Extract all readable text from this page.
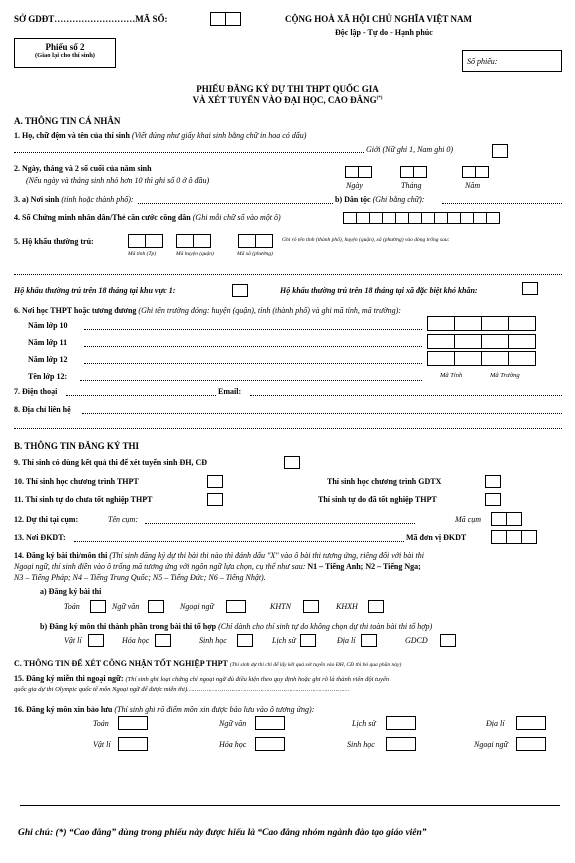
SỞ GDĐT………………………MÃ SỐ:	CỘNG HOÀ XÃ HỘI CHỦ NGHĨA VIỆT NAM
Độc lập - Tự do - Hạnh phúc
Phiếu số 2
(Giao lại cho thí sinh)
Số phiếu:
PHIẾU ĐĂNG KÝ DỰ THI THPT QUỐC GIA
VÀ XÉT TUYỂN VÀO ĐẠI HỌC, CAO ĐẲNG(*)
A. THÔNG TIN CÁ NHÂN
1. Họ, chữ đệm và tên của thí sinh (Viết đúng như giấy khai sinh bằng chữ in hoa có dấu)
Giới (Nữ ghi 1, Nam ghi 0)
2. Ngày, tháng và 2 số cuối của năm sinh
(Nếu ngày và tháng sinh nhỏ hơn 10 thì ghi số 0 ở ô đầu)
Ngày	Tháng	Năm
3. a) Nơi sinh (tỉnh hoặc thành phố):	b) Dân tộc (Ghi bằng chữ):
4. Số Chứng minh nhân dân/Thẻ căn cước công dân (Ghi mỗi chữ số vào một ô)
5. Hộ khẩu thường trú:	Ghi rõ tên tỉnh (thành phố), huyện (quận), xã (phường) vào dòng trống sau:
Mã tỉnh (Tp)	Mã huyện (quận)	Mã xã (phường)
Hộ khẩu thường trú trên 18 tháng tại khu vực 1:	Hộ khẩu thường trú trên 18 tháng tại xã đặc biệt khó khăn:
6. Nơi học THPT hoặc tương đương (Ghi tên trường đóng: huyện (quận), tỉnh (thành phố) và ghi mã tỉnh, mã trường):
Năm lớp 10
Năm lớp 11
Năm lớp 12
Tên lớp 12:	Mã Tỉnh	Mã Trường
7. Điện thoại	Email:
8. Địa chỉ liên hệ
B. THÔNG TIN ĐĂNG KÝ THI
9. Thí sinh có dùng kết quả thi để xét tuyển sinh ĐH, CĐ
10. Thí sinh học chương trình THPT	Thí sinh học chương trình GDTX
11. Thí sinh tự do chưa tốt nghiệp THPT	Thí sinh tự do đã tốt nghiệp THPT
12. Dự thi tại cụm:	Tên cụm:	Mã cụm
13. Nơi ĐKDT:	Mã đơn vị ĐKDT
14. Đăng ký bài thi/môn thi (Thí sinh đăng ký dự thi bài thi nào thì đánh dấu "X" vào ô bài thi tương ứng, riêng đối với bài thi
Ngoại ngữ, thí sinh điền vào ô trống mã tương ứng với ngôn ngữ lựa chọn, cụ thể như sau: N1 – Tiếng Anh; N2 – Tiếng Nga;
N3 – Tiếng Pháp; N4 – Tiếng Trung Quốc; N5 – Tiếng Đức; N6 – Tiếng Nhật).
a) Đăng ký bài thi
Toán	Ngữ văn	Ngoại ngữ	KHTN	KHXH
b) Đăng ký môn thi thành phần trong bài thi tổ hợp (Chỉ dành cho thí sinh tự do không chọn dự thi toàn bài thi tổ hợp)
Vật lí	Hóa học	Sinh học	Lịch sử	Địa lí	GDCD
C. THÔNG TIN ĐỂ XÉT CÔNG NHẬN TỐT NGHIỆP THPT (Thí sinh dự thi chỉ để lấy kết quả xét tuyển vào ĐH, CĐ thì bỏ qua phần này)
15. Đăng ký miễn thi ngoại ngữ: (Thí sinh ghi loại chứng chỉ ngoại ngữ đủ điều kiện theo quy định hoặc ghi rõ là thành viên đội tuyển
quốc gia dự thi Olympic quốc tế môn Ngoại ngữ để được miễn thi)…………………………………………………………………………
16. Đăng ký môn xin bảo lưu (Thí sinh ghi rõ điểm môn xin được bảo lưu vào ô tương ứng):
Toán	Ngữ văn	Lịch sử	Địa lí
Vật lí	Hóa học	Sinh học	Ngoại ngữ
Ghi chú: (*) “Cao đẳng” dùng trong phiếu này được hiểu là “Cao đẳng nhóm ngành đào tạo giáo viên”
